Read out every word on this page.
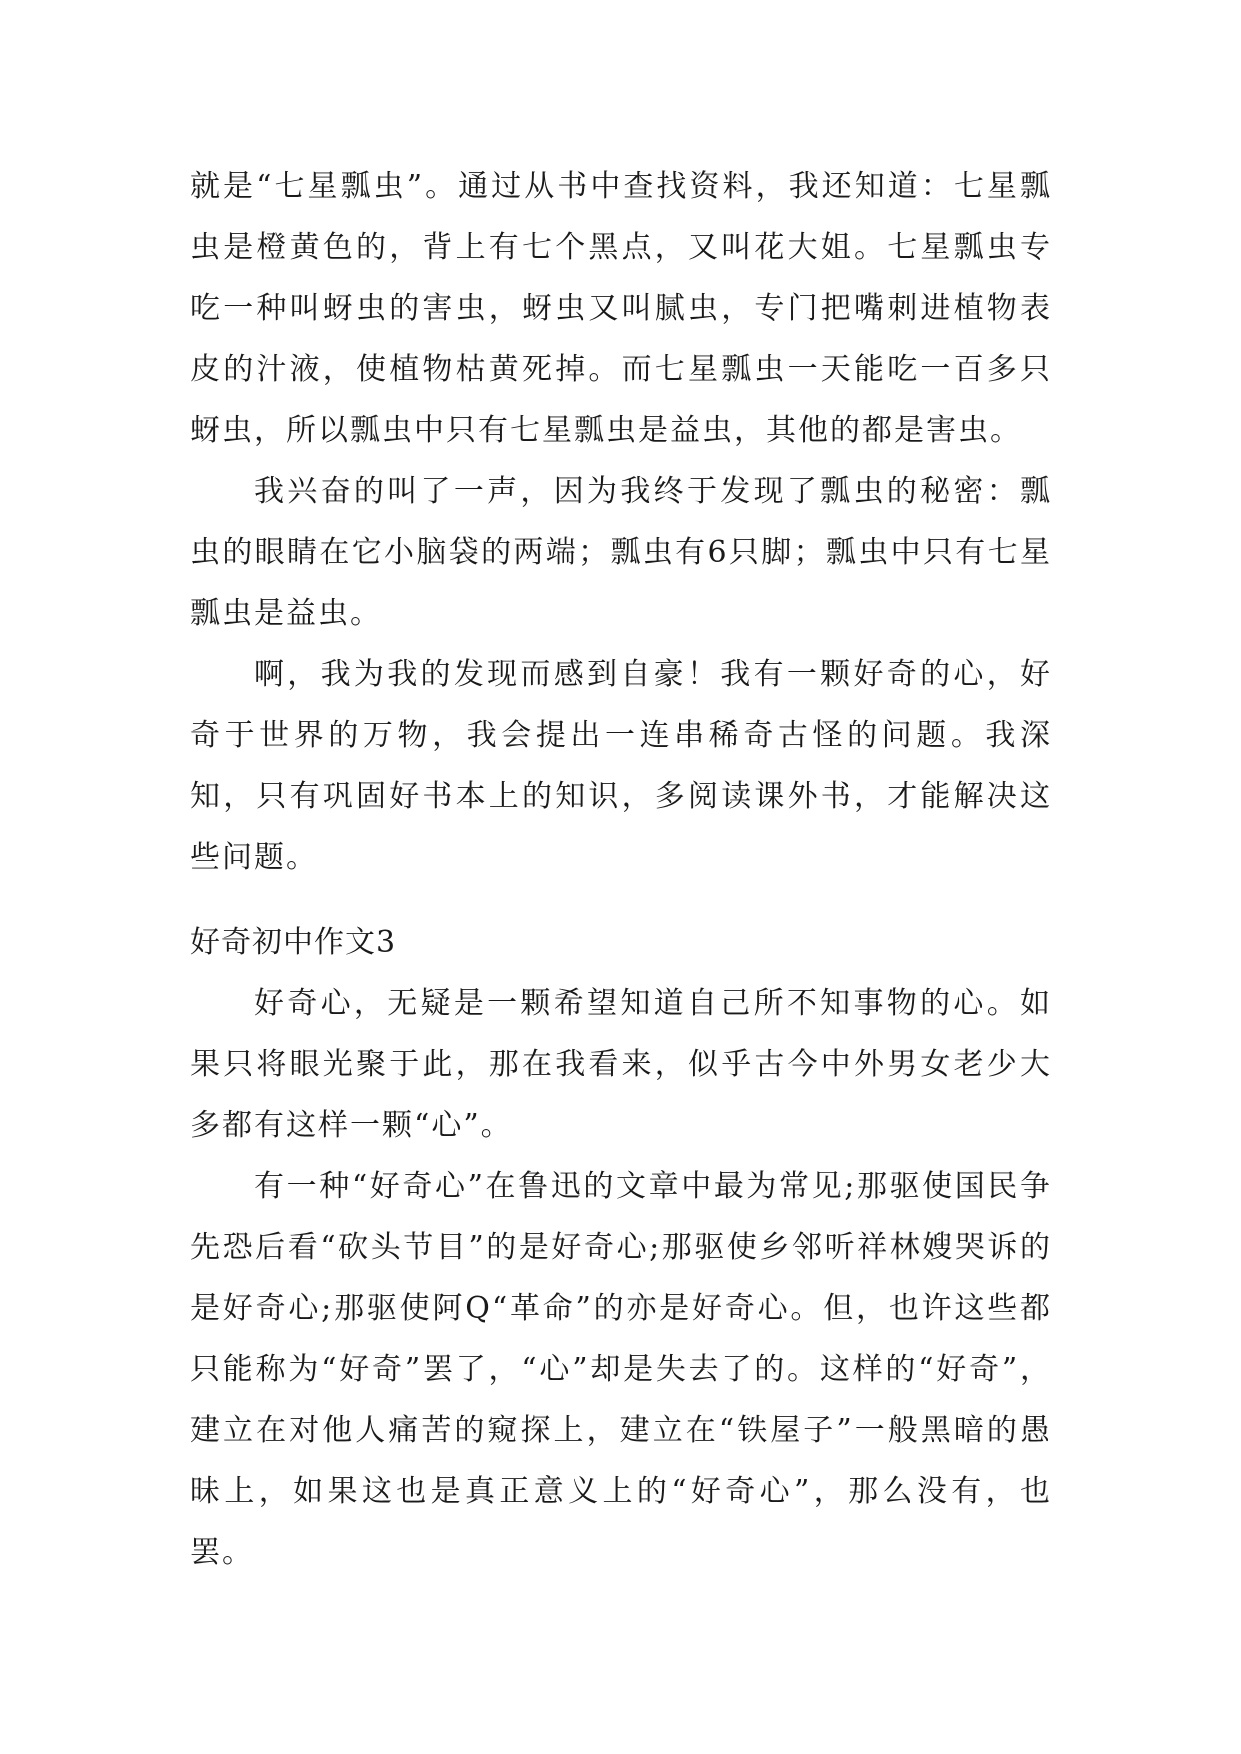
就是“七星瓢虫”。通过从书中查找资料，我还知道：七星瓢虫是橙黄色的，背上有七个黑点，又叫花大姐。七星瓢虫专吃一种叫蚜虫的害虫，蚜虫又叫腻虫，专门把嘴刺进植物表皮的汁液，使植物枯黄死掉。而七星瓢虫一天能吃一百多只蚜虫，所以瓢虫中只有七星瓢虫是益虫，其他的都是害虫。

我兴奋的叫了一声，因为我终于发现了瓢虫的秘密：瓢虫的眼睛在它小脑袋的两端；瓢虫有6只脚；瓢虫中只有七星瓢虫是益虫。

啊，我为我的发现而感到自豪！我有一颗好奇的心，好奇于世界的万物，我会提出一连串稀奇古怪的问题。我深知，只有巩固好书本上的知识，多阅读课外书，才能解决这些问题。

好奇初中作文3

好奇心，无疑是一颗希望知道自己所不知事物的心。如果只将眼光聚于此，那在我看来，似乎古今中外男女老少大多都有这样一颗“心”。

有一种“好奇心”在鲁迅的文章中最为常见;那驱使国民争先恐后看“砍头节目”的是好奇心;那驱使乡邻听祥林嫂哭诉的是好奇心;那驱使阿Q“革命”的亦是好奇心。但，也许这些都只能称为“好奇”罢了，“心”却是失去了的。这样的“好奇”，建立在对他人痛苦的窥探上，建立在“铁屋子”一般黑暗的愚昧上，如果这也是真正意义上的“好奇心”，那么没有，也罢。
